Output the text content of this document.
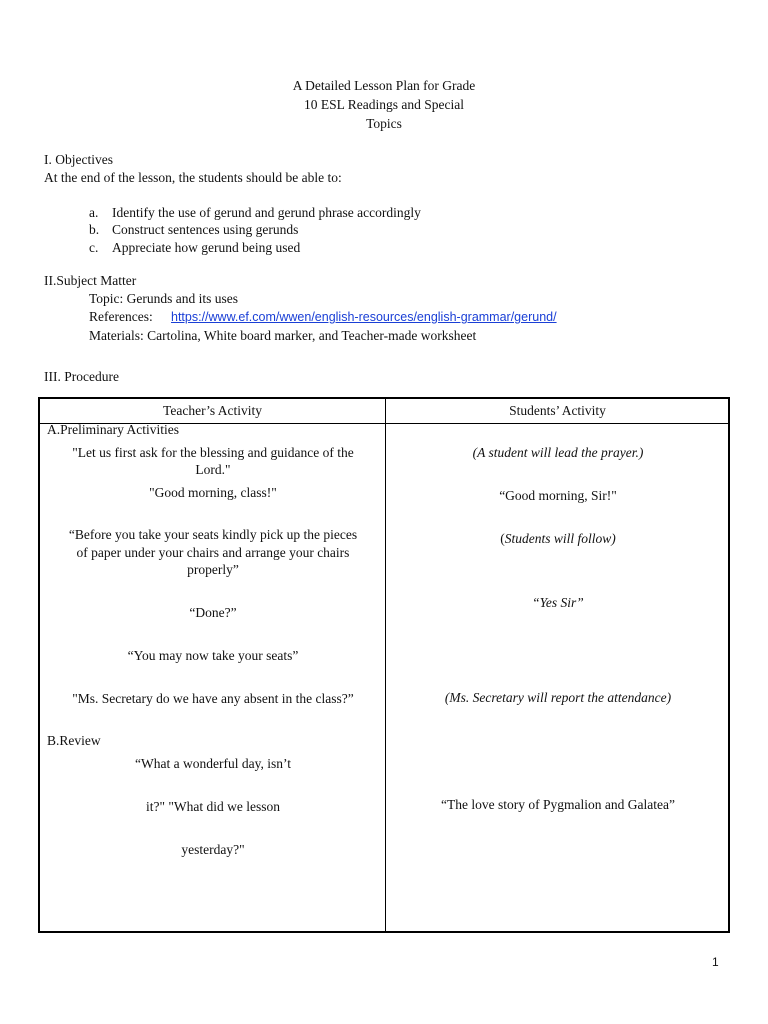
A Detailed Lesson Plan for Grade
10 ESL Readings and Special
Topics
I. Objectives
At the end of the lesson, the students should be able to:
a. Identify the use of gerund and gerund phrase accordingly
b. Construct sentences using gerunds
c. Appreciate how gerund being used
II.Subject Matter
Topic: Gerunds and its uses
References: https://www.ef.com/wwen/english-resources/english-grammar/gerund/
Materials: Cartolina, White board marker, and Teacher-made worksheet
III. Procedure
Teacher’s Activity	Students’ Activity
A.Preliminary Activities
"Let us first ask for the blessing and guidance of the
Lord."
"Good morning, class!"
“Before you take your seats kindly pick up the pieces
of paper under your chairs and arrange your chairs
properly”
“Done?”
“You may now take your seats”
"Ms. Secretary do we have any absent in the class?”
B.Review
“What a wonderful day, isn’t
it?" "What did we lesson
yesterday?"
(A student will lead the prayer.)
“Good morning, Sir!"
(Students will follow)
“Yes Sir”
(Ms. Secretary will report the attendance)
“The love story of Pygmalion and Galatea”
1
